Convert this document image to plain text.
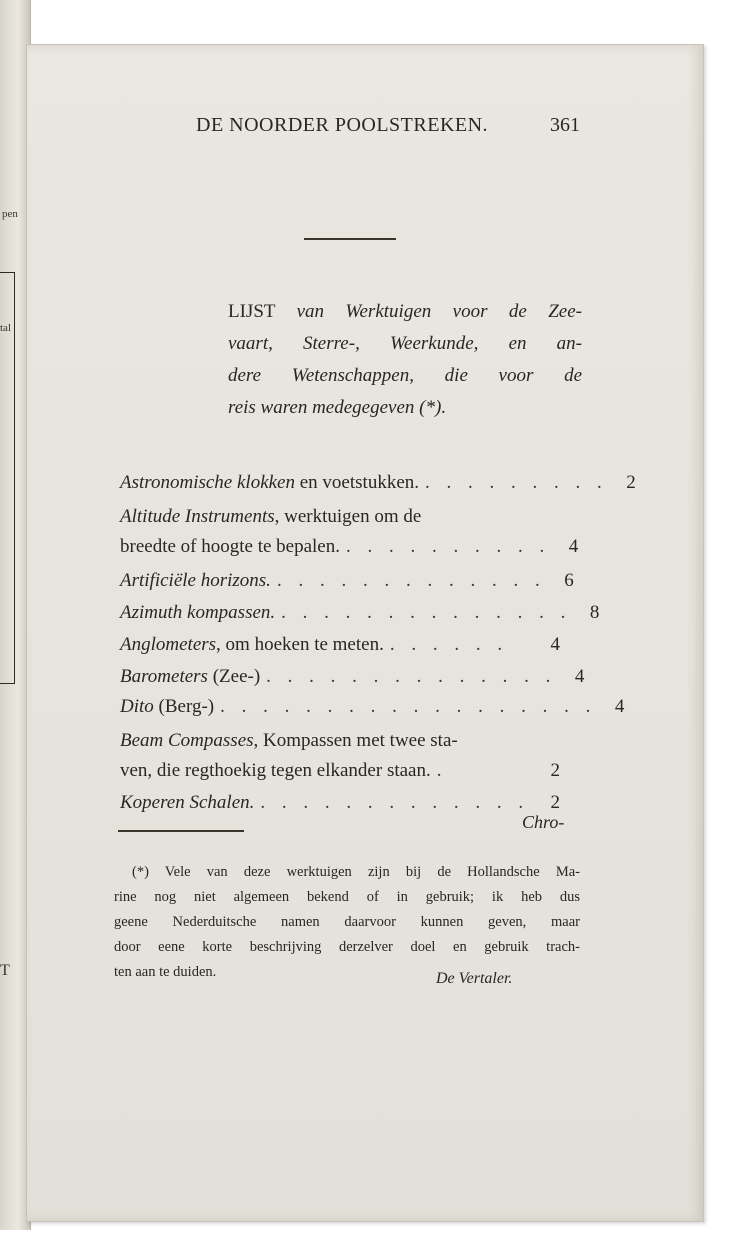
pen
tal
T
DE NOORDER POOLSTREKEN.	361
LIJST van Werktuigen voor de Zee-
vaart, Sterre-, Weerkunde, en an-
dere Wetenschappen, die voor de
reis waren medegegeven (*).
Astronomische klokken en voetstukken. . . . . . . . . . 2
Altitude Instruments, werktuigen om de
breedte of hoogte te bepalen. . . . . . . . . . . 4
Artificiële horizons. . . . . . . . . . . . . . 6
Azimuth kompassen. . . . . . . . . . . . . . . 8
Anglometers, om hoeken te meten. . . . . . .	4
Barometers (Zee-) . . . . . . . . . . . . . . 4
Dito (Berg-) . . . . . . . . . . . . . . . . . . 4
Beam Compasses, Kompassen met twee sta-
ven, die regthoekig tegen elkander staan. .	2
Koperen Schalen. . . . . . . . . . . . . .	2
Chro-
(*) Vele van deze werktuigen zijn bij de Hollandsche Ma-
rine nog niet algemeen bekend of in gebruik; ik heb dus
geene Nederduitsche namen daarvoor kunnen geven, maar
door eene korte beschrijving derzelver doel en gebruik trach-
ten aan te duiden.	De Vertaler.
